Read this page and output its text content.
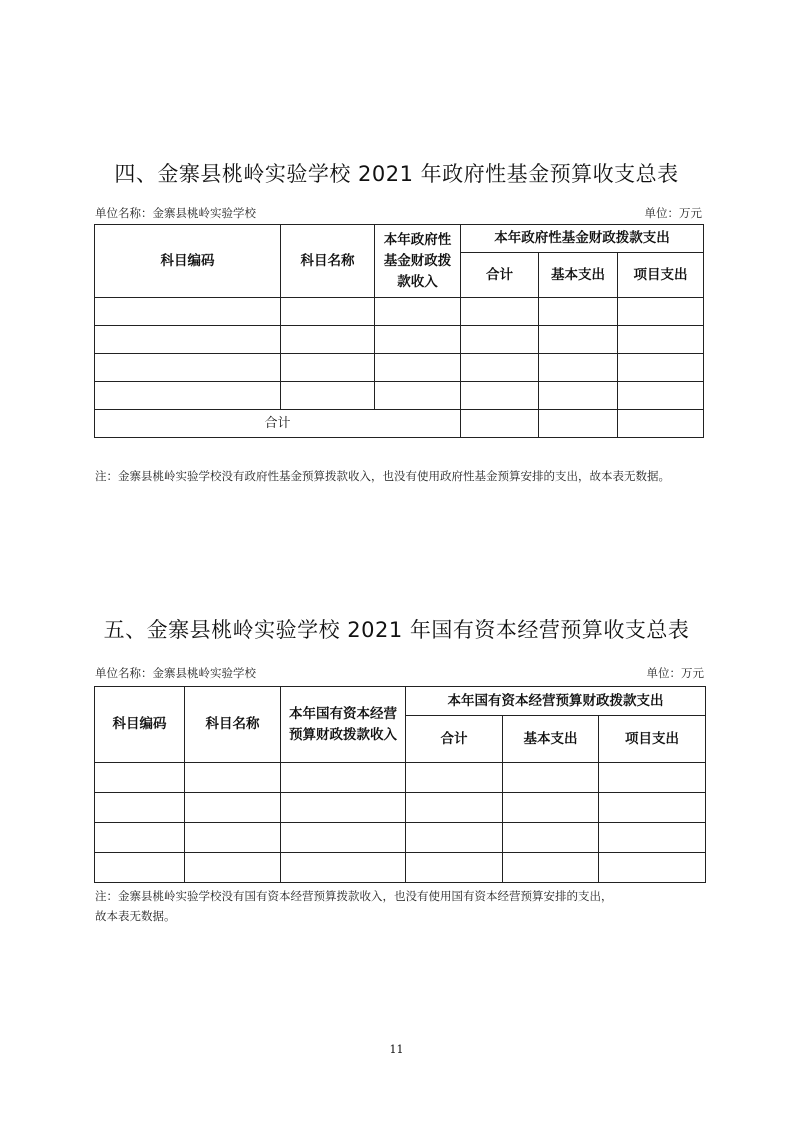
四、金寨县桃岭实验学校 2021 年政府性基金预算收支总表
单位名称：金寨县桃岭实验学校	单位：万元
科目编码	科目名称	本年政府性基金财政拨款收入	本年政府性基金财政拨款支出		
			合计	基本支出	项目支出

合计					
注：金寨县桃岭实验学校没有政府性基金预算拨款收入，也没有使用政府性基金预算安排的支出，故本表无数据。
五、金寨县桃岭实验学校 2021 年国有资本经营预算收支总表
单位名称：金寨县桃岭实验学校	单位：万元
科目编码	科目名称	本年国有资本经营预算财政拨款收入	本年国有资本经营预算财政拨款支出		
			合计	基本支出	项目支出

注：金寨县桃岭实验学校没有国有资本经营预算拨款收入，也没有使用国有资本经营预算安排的支出，
故本表无数据。
11
